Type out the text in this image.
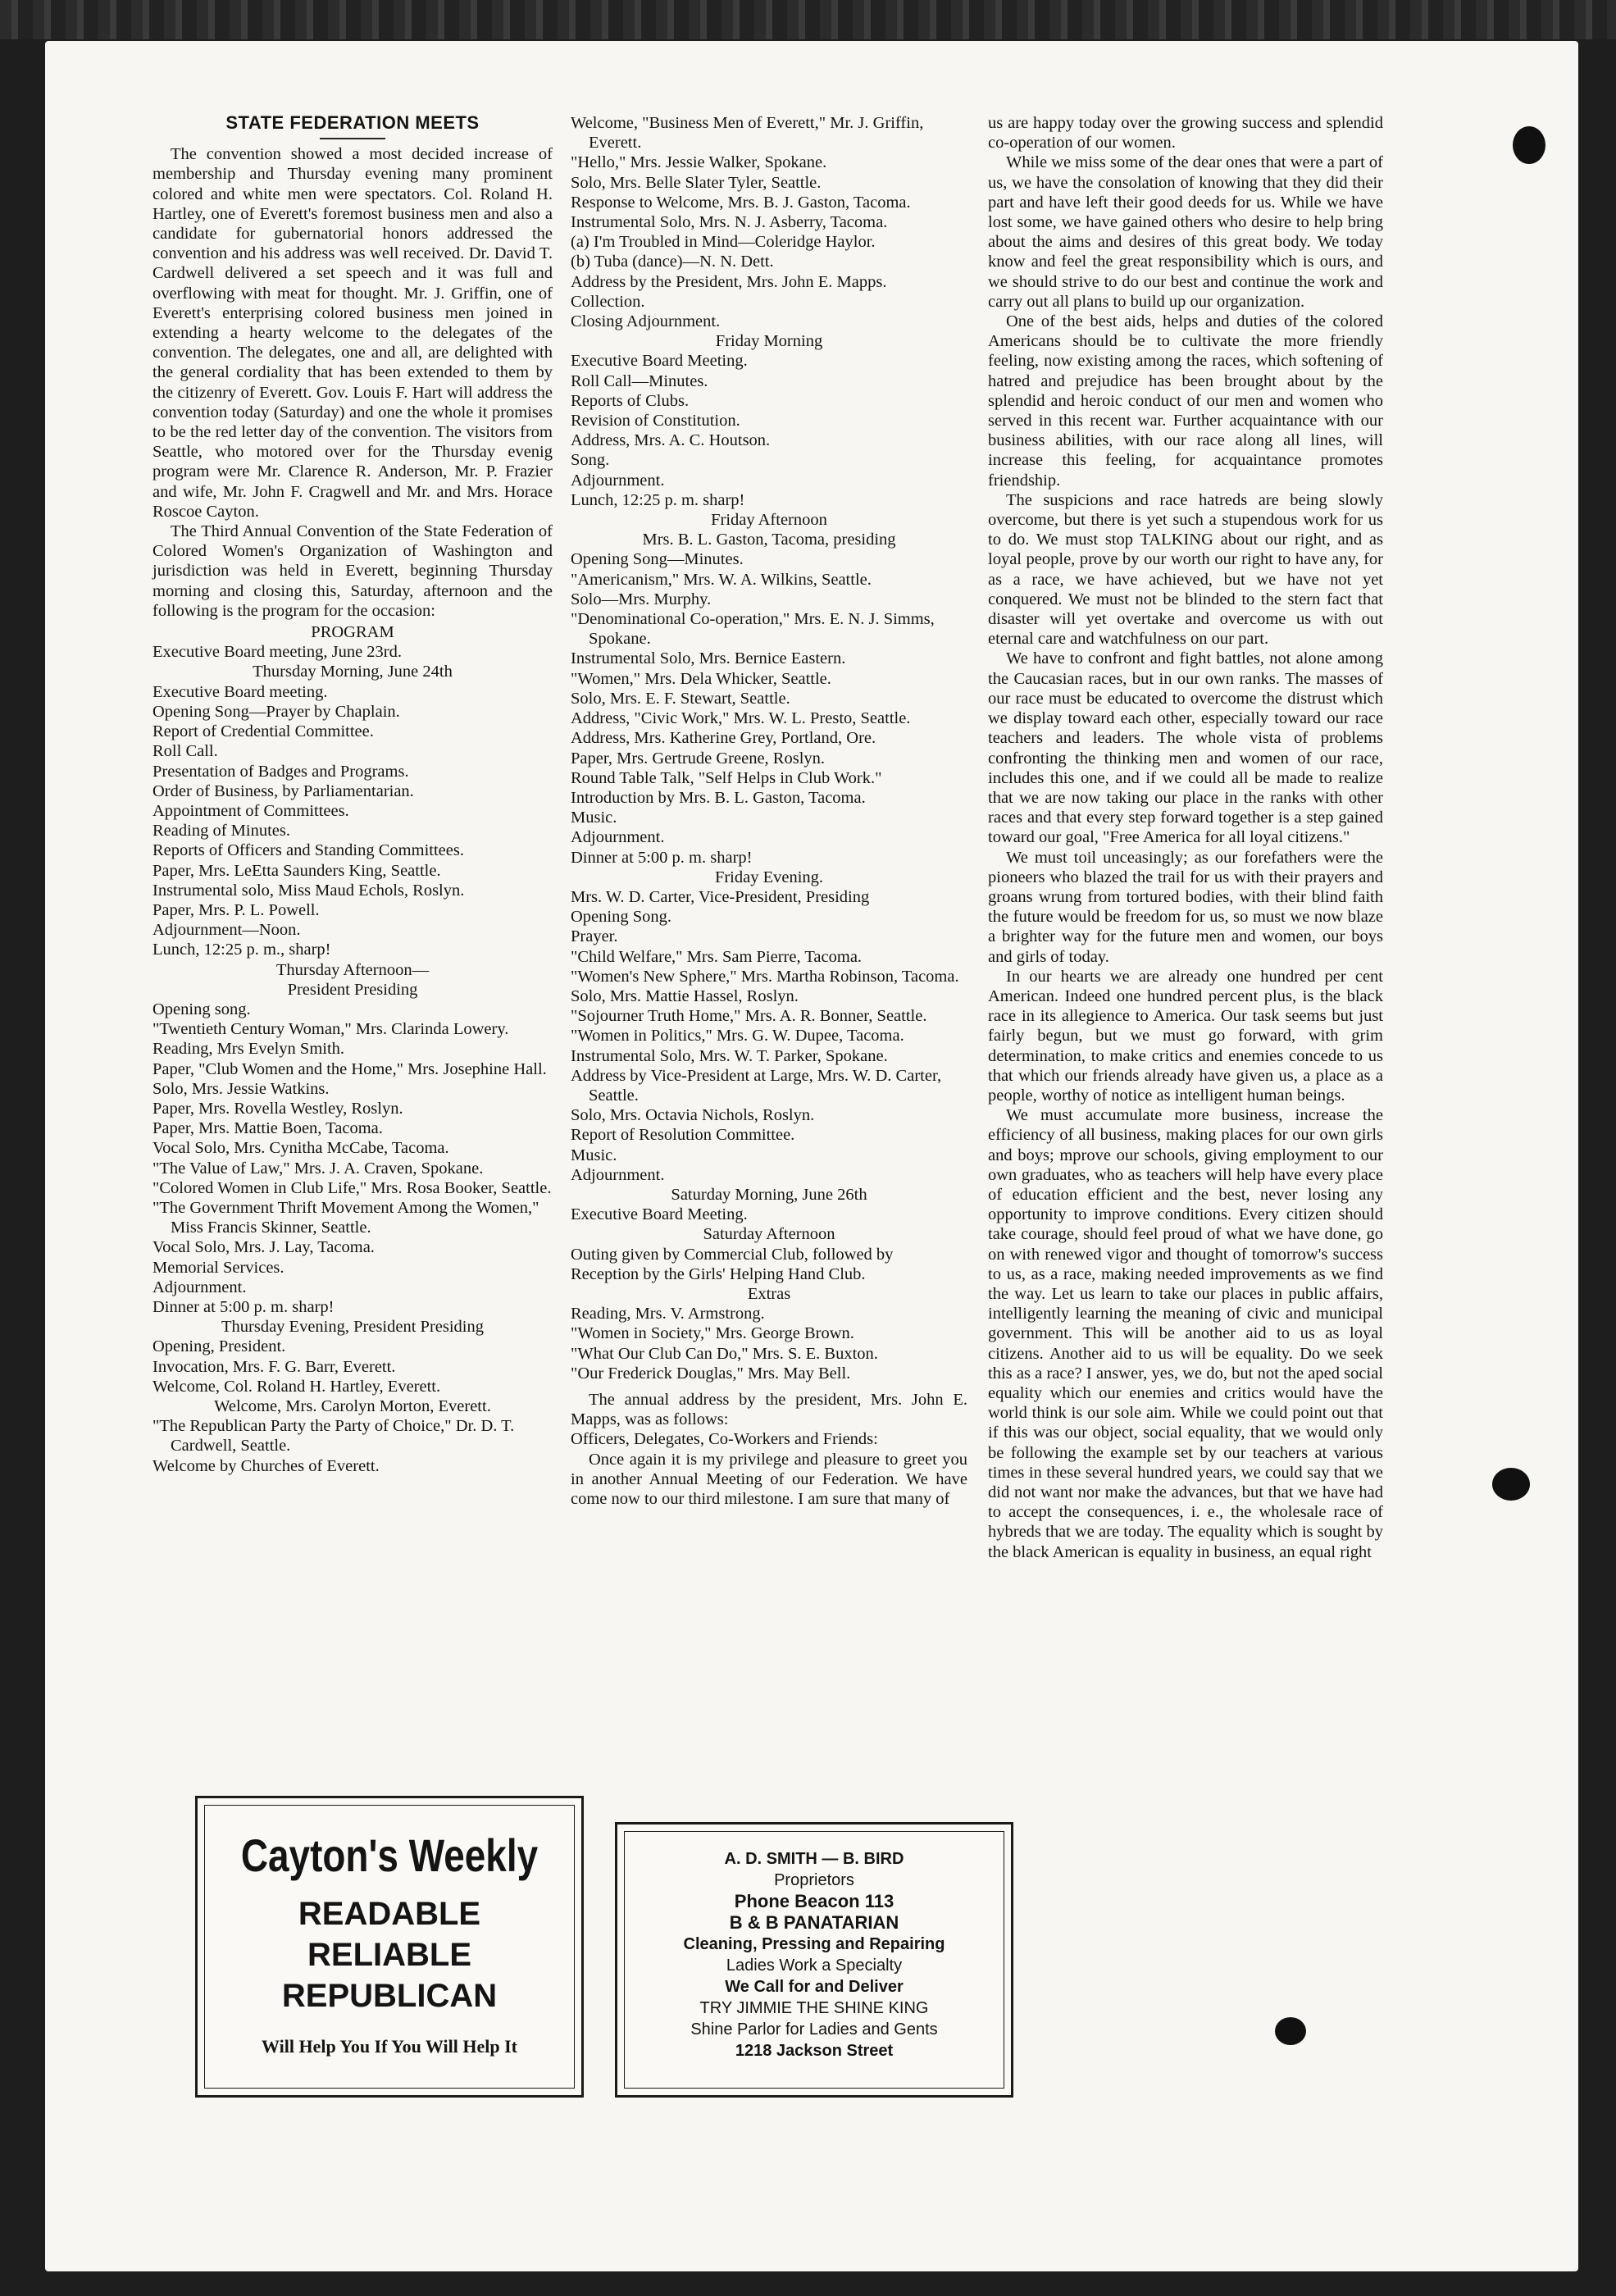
STATE FEDERATION MEETS

The convention showed a most decided increase of membership and Thursday evening many prominent colored and white men were spectators. Col. Roland H. Hartley, one of Everett's foremost business men and also a candidate for gubernatorial honors addressed the convention and his address was well received. Dr. David T. Cardwell delivered a set speech and it was full and overflowing with meat for thought. Mr. J. Griffin, one of Everett's enterprising colored business men joined in extending a hearty welcome to the delegates of the convention. The delegates, one and all, are delighted with the general cordiality that has been extended to them by the citizenry of Everett. Gov. Louis F. Hart will address the convention today (Saturday) and one the whole it promises to be the red letter day of the convention. The visitors from Seattle, who motored over for the Thursday evenig program were Mr. Clarence R. Anderson, Mr. P. Frazier and wife, Mr. John F. Cragwell and Mr. and Mrs. Horace Roscoe Cayton.

The Third Annual Convention of the State Federation of Colored Women's Organization of Washington and jurisdiction was held in Everett, beginning Thursday morning and closing this, Saturday, afternoon and the following is the program for the occasion:

PROGRAM
Executive Board meeting, June 23rd.
Thursday Morning, June 24th
Executive Board meeting.
Opening Song—Prayer by Chaplain.
Report of Credential Committee.
Roll Call.
Presentation of Badges and Programs.
Order of Business, by Parliamentarian.
Appointment of Committees.
Reading of Minutes.
Reports of Officers and Standing Committees.
Paper, Mrs. LeEtta Saunders King, Seattle.
Instrumental solo, Miss Maud Echols, Roslyn.
Paper, Mrs. P. L. Powell.
Adjournment—Noon.
Lunch, 12:25 p. m., sharp!
Thursday Afternoon—
President Presiding
Opening song.
"Twentieth Century Woman," Mrs. Clarinda Lowery.
Reading, Mrs Evelyn Smith.
Paper, "Club Women and the Home," Mrs. Josephine Hall.
Solo, Mrs. Jessie Watkins.
Paper, Mrs. Rovella Westley, Roslyn.
Paper, Mrs. Mattie Boen, Tacoma.
Vocal Solo, Mrs. Cynitha McCabe, Tacoma.
"The Value of Law," Mrs. J. A. Craven, Spokane.
"Colored Women in Club Life," Mrs. Rosa Booker, Seattle.
"The Government Thrift Movement Among the Women," Miss Francis Skinner, Seattle.
Vocal Solo, Mrs. J. Lay, Tacoma.
Memorial Services.
Adjournment.
Dinner at 5:00 p. m. sharp!
Thursday Evening, President Presiding
Opening, President.
Invocation, Mrs. F. G. Barr, Everett.
Welcome, Col. Roland H. Hartley, Everett.
Welcome, Mrs. Carolyn Morton, Everett.
"The Republican Party the Party of Choice," Dr. D. T. Cardwell, Seattle.
Welcome by Churches of Everett.
Welcome, "Business Men of Everett," Mr. J. Griffin, Everett.
"Hello," Mrs. Jessie Walker, Spokane.
Solo, Mrs. Belle Slater Tyler, Seattle.
Response to Welcome, Mrs. B. J. Gaston, Tacoma.
Instrumental Solo, Mrs. N. J. Asberry, Tacoma.
(a) I'm Troubled in Mind—Coleridge Haylor.
(b) Tuba (dance)—N. N. Dett.
Address by the President, Mrs. John E. Mapps.
Collection.
Closing Adjournment.
Friday Morning
Executive Board Meeting.
Roll Call—Minutes.
Reports of Clubs.
Revision of Constitution.
Address, Mrs. A. C. Houtson.
Song.
Adjournment.
Lunch, 12:25 p. m. sharp!
Friday Afternoon
Mrs. B. L. Gaston, Tacoma, presiding
Opening Song—Minutes.
"Americanism," Mrs. W. A. Wilkins, Seattle.
Solo—Mrs. Murphy.
"Denominational Co-operation," Mrs. E. N. J. Simms, Spokane.
Instrumental Solo, Mrs. Bernice Eastern.
"Women," Mrs. Dela Whicker, Seattle.
Solo, Mrs. E. F. Stewart, Seattle.
Address, "Civic Work," Mrs. W. L. Presto, Seattle.
Address, Mrs. Katherine Grey, Portland, Ore.
Paper, Mrs. Gertrude Greene, Roslyn.
Round Table Talk, "Self Helps in Club Work."
Introduction by Mrs. B. L. Gaston, Tacoma.
Music.
Adjournment.
Dinner at 5:00 p. m. sharp!
Friday Evening.
Mrs. W. D. Carter, Vice-President, Presiding
Opening Song.
Prayer.
"Child Welfare," Mrs. Sam Pierre, Tacoma.
"Women's New Sphere," Mrs. Martha Robinson, Tacoma.
Solo, Mrs. Mattie Hassel, Roslyn.
"Sojourner Truth Home," Mrs. A. R. Bonner, Seattle.
"Women in Politics," Mrs. G. W. Dupee, Tacoma.
Instrumental Solo, Mrs. W. T. Parker, Spokane.
Address by Vice-President at Large, Mrs. W. D. Carter, Seattle.
Solo, Mrs. Octavia Nichols, Roslyn.
Report of Resolution Committee.
Music.
Adjournment.
Saturday Morning, June 26th
Executive Board Meeting.
Saturday Afternoon
Outing given by Commercial Club, followed by
Reception by the Girls' Helping Hand Club.
Extras
Reading, Mrs. V. Armstrong.
"Women in Society," Mrs. George Brown.
"What Our Club Can Do," Mrs. S. E. Buxton.
"Our Frederick Douglas," Mrs. May Bell.

The annual address by the president, Mrs. John E. Mapps, was as follows:

Officers, Delegates, Co-Workers and Friends:

Once again it is my privilege and pleasure to greet you in another Annual Meeting of our Federation. We have come now to our third milestone. I am sure that many of

us are happy today over the growing success and splendid co-operation of our women.

While we miss some of the dear ones that were a part of us, we have the consolation of knowing that they did their part and have left their good deeds for us. While we have lost some, we have gained others who desire to help bring about the aims and desires of this great body. We today know and feel the great responsibility which is ours, and we should strive to do our best and continue the work and carry out all plans to build up our organization.

One of the best aids, helps and duties of the colored Americans should be to cultivate the more friendly feeling, now existing among the races, which softening of hatred and prejudice has been brought about by the splendid and heroic conduct of our men and women who served in this recent war. Further acquaintance with our business abilities, with our race along all lines, will increase this feeling, for acquaintance promotes friendship.

The suspicions and race hatreds are being slowly overcome, but there is yet such a stupendous work for us to do. We must stop TALKING about our right, and as loyal people, prove by our worth our right to have any, for as a race, we have achieved, but we have not yet conquered. We must not be blinded to the stern fact that disaster will yet overtake and overcome us with out eternal care and watchfulness on our part.

We have to confront and fight battles, not alone among the Caucasian races, but in our own ranks. The masses of our race must be educated to overcome the distrust which we display toward each other, especially toward our race teachers and leaders. The whole vista of problems confronting the thinking men and women of our race, includes this one, and if we could all be made to realize that we are now taking our place in the ranks with other races and that every step forward together is a step gained toward our goal, "Free America for all loyal citizens."

We must toil unceasingly; as our forefathers were the pioneers who blazed the trail for us with their prayers and groans wrung from tortured bodies, with their blind faith the future would be freedom for us, so must we now blaze a brighter way for the future men and women, our boys and girls of today.

In our hearts we are already one hundred per cent American. Indeed one hundred percent plus, is the black race in its allegience to America. Our task seems but just fairly begun, but we must go forward, with grim determination, to make critics and enemies concede to us that which our friends already have given us, a place as a people, worthy of notice as intelligent human beings.

We must accumulate more business, increase the efficiency of all business, making places for our own girls and boys; mprove our schools, giving employment to our own graduates, who as teachers will help have every place of education efficient and the best, never losing any opportunity to improve conditions. Every citizen should take courage, should feel proud of what we have done, go on with renewed vigor and thought of tomorrow's success to us, as a race, making needed improvements as we find the way. Let us learn to take our places in public affairs, intelligently learning the meaning of civic and municipal government. This will be another aid to us as loyal citizens. Another aid to us will be equality. Do we seek this as a race? I answer, yes, we do, but not the aped social equality which our enemies and critics would have the world think is our sole aim. While we could point out that if this was our object, social equality, that we would only be following the example set by our teachers at various times in these several hundred years, we could say that we did not want nor make the advances, but that we have had to accept the consequences, i. e., the wholesale race of hybreds that we are today. The equality which is sought by the black American is equality in business, an equal right

Cayton's Weekly
READABLE
RELIABLE
REPUBLICAN
Will Help You If You Will Help It
A. D. SMITH — B. BIRD
Proprietors
Phone Beacon 113
B & B PANATARIAN
Cleaning, Pressing and Repairing
Ladies Work a Specialty
We Call for and Deliver
TRY JIMMIE THE SHINE KING
Shine Parlor for Ladies and Gents
1218 Jackson Street
